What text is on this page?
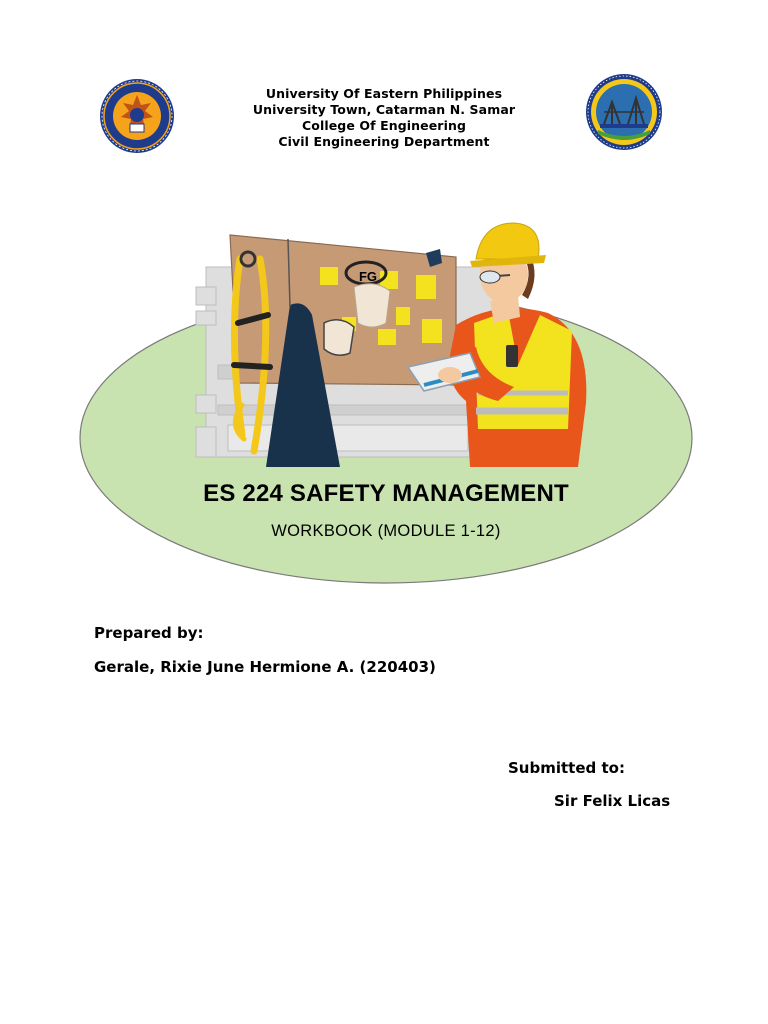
University Of Eastern Philippines
University Town, Catarman N. Samar
College Of Engineering
Civil Engineering Department
FG
ES 224 SAFETY MANAGEMENT
WORKBOOK (MODULE 1-12)
Prepared by:
Gerale, Rixie June Hermione A. (220403)
Submitted to:
Sir Felix Licas
